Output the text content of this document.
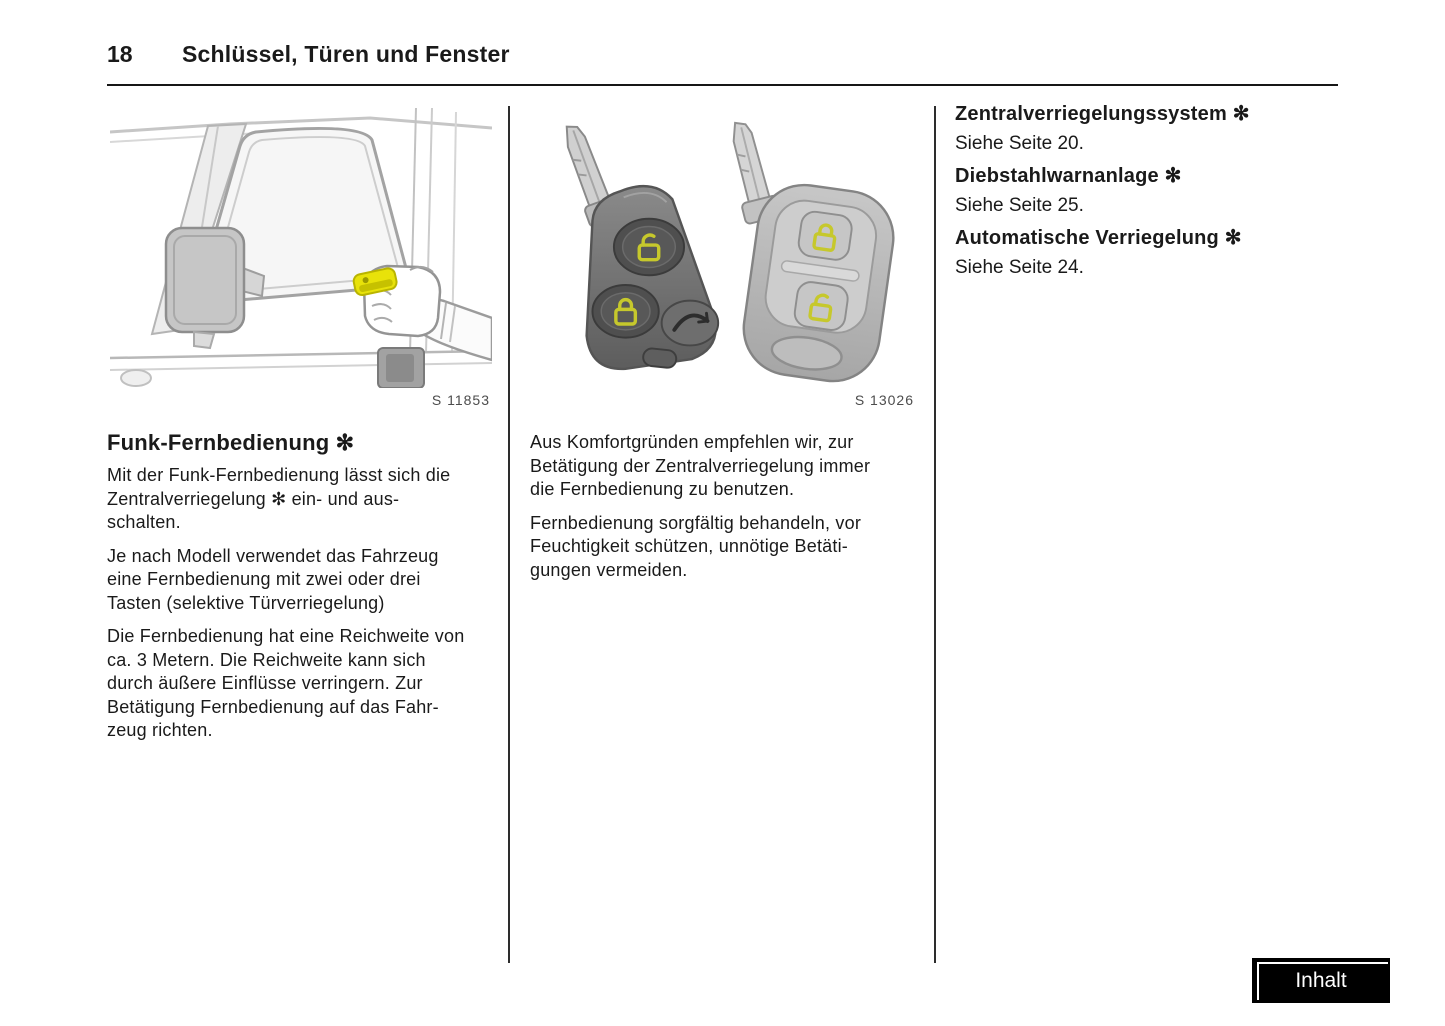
18 Schlüssel, Türen und Fenster
S 11853	S 13026
Funk-Fernbedienung ✻

Mit der Funk-Fernbedienung lässt sich die
Zentralverriegelung ✻ ein- und aus-
schalten.

Je nach Modell verwendet das Fahrzeug
eine Fernbedienung mit zwei oder drei
Tasten (selektive Türverriegelung)

Die Fernbedienung hat eine Reichweite von
ca. 3 Metern. Die Reichweite kann sich
durch äußere Einflüsse verringern. Zur
Betätigung Fernbedienung auf das Fahr-
zeug richten.

Aus Komfortgründen empfehlen wir, zur
Betätigung der Zentralverriegelung immer
die Fernbedienung zu benutzen.

Fernbedienung sorgfältig behandeln, vor
Feuchtigkeit schützen, unnötige Betäti-
gungen vermeiden.

Zentralverriegelungssystem ✻
Siehe Seite 20.
Diebstahlwarnanlage ✻
Siehe Seite 25.
Automatische Verriegelung ✻
Siehe Seite 24.
Inhalt
